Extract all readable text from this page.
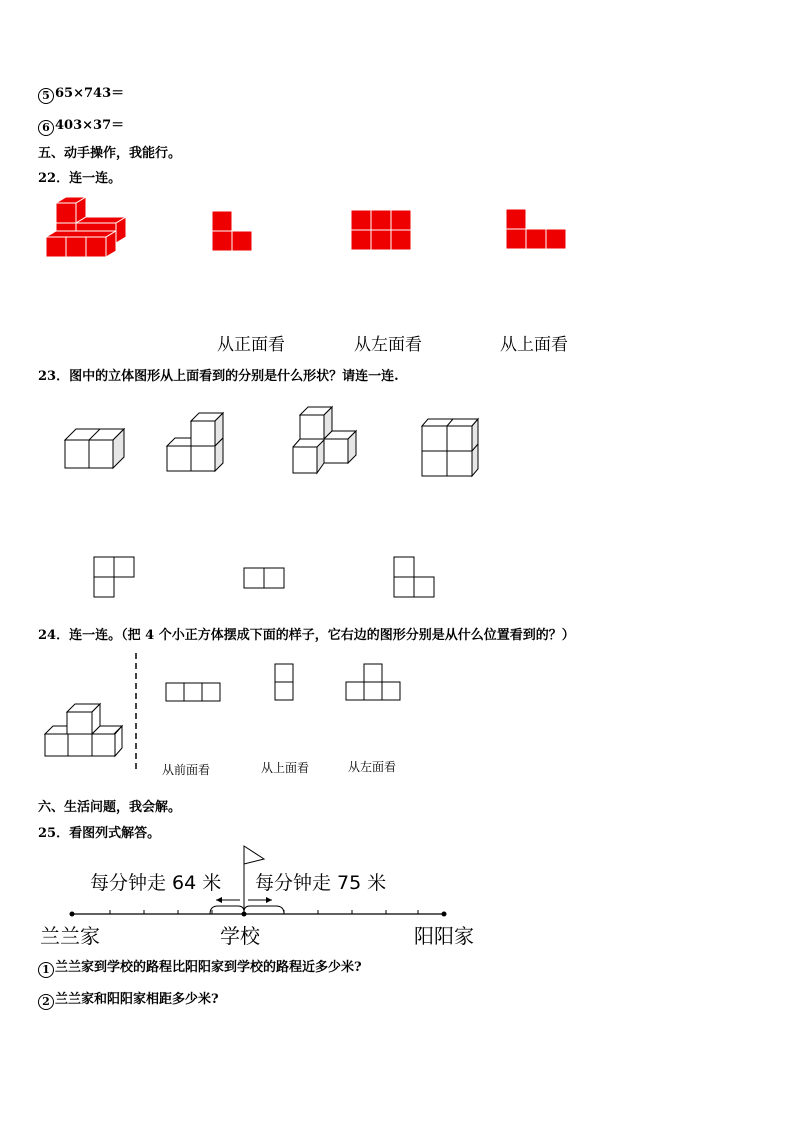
5 65×743＝
6 403×37＝
五、动手操作，我能行。
22．连一连。
从正面看	从左面看	从上面看
23．图中的立体图形从上面看到的分别是什么形状？请连一连.
24．连一连。（把 4 个小正方体摆成下面的样子，它右边的图形分别是从什么位置看到的？）
从前面看	从上面看	从左面看
六、生活问题，我会解。
25．看图列式解答。
每分钟走 64 米 每分钟走 75 米
兰兰家	学校	阳阳家
1 兰兰家到学校的路程比阳阳家到学校的路程近多少米?
2 兰兰家和阳阳家相距多少米?
